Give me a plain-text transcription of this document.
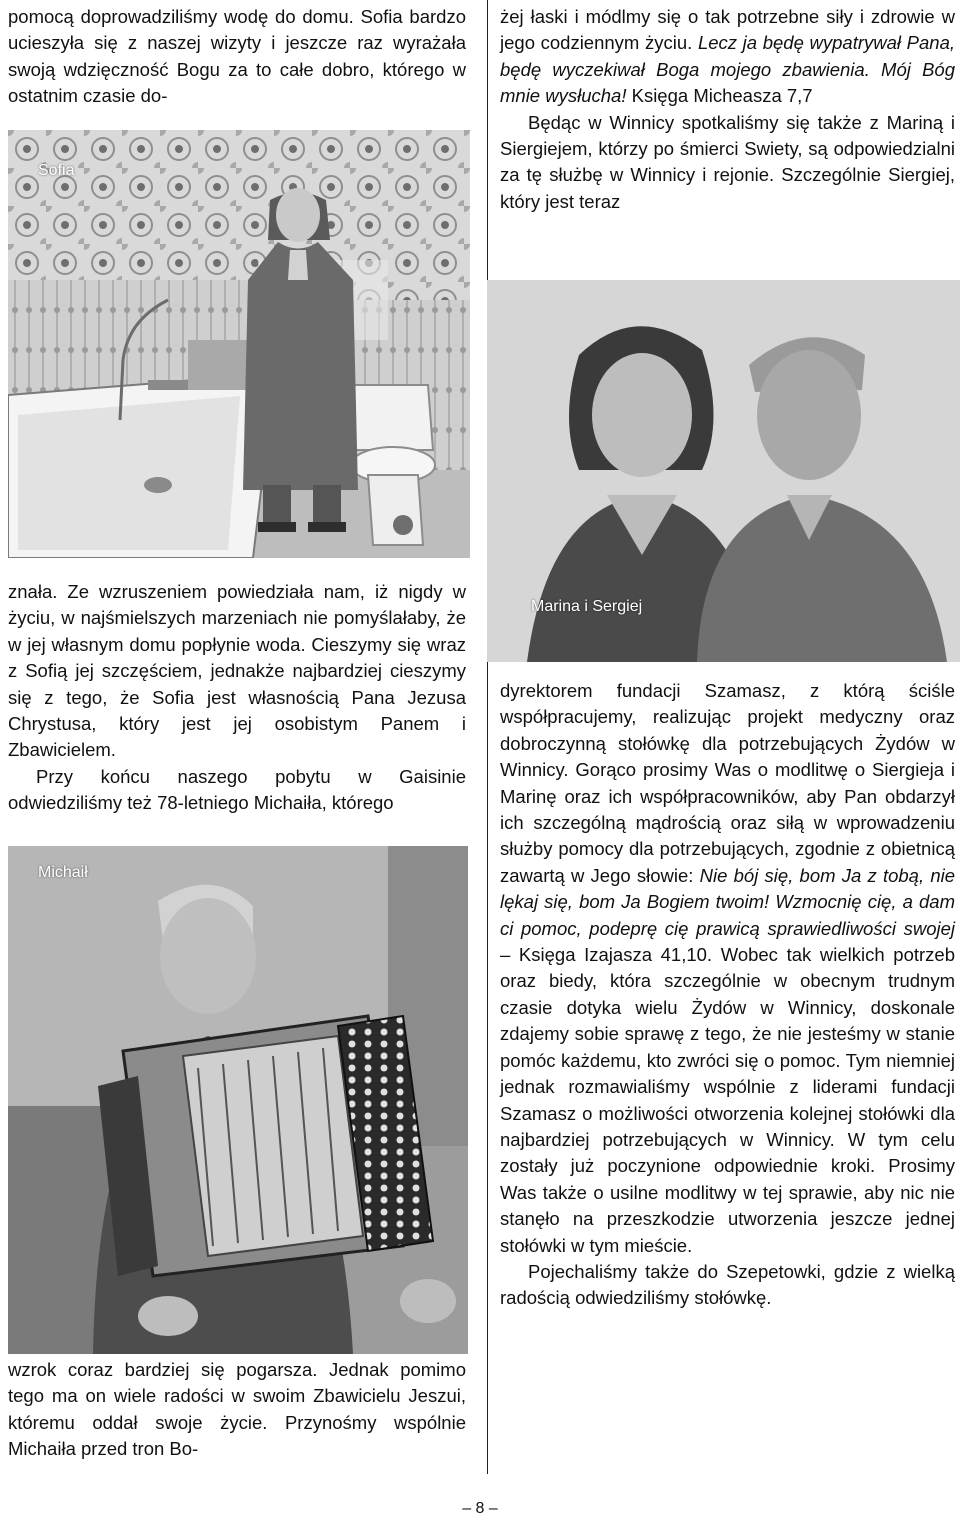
pomocą doprowadziliśmy wodę do domu. Sofia bardzo ucieszyła się z naszej wizyty i jeszcze raz wyrażała swoją wdzięczność Bogu za to całe dobro, którego w ostatnim czasie do-

Sofia

żej łaski i módlmy się o tak potrzebne siły i zdrowie w jego codziennym życiu. Lecz ja będę wypatrywał Pana, będę wyczekiwał Boga mojego zbawienia. Mój Bóg mnie wysłucha! Księga Micheasza 7,7

Będąc w Winnicy spotkaliśmy się także z Mariną i Siergiejem, którzy po śmierci Swiety, są odpowiedzialni za tę służbę w Winnicy i rejonie. Szczególnie Siergiej, który jest teraz

Marina i Sergiej

znała. Ze wzruszeniem powiedziała nam, iż nigdy w życiu, w najśmielszych marzeniach nie pomyślałaby, że w jej własnym domu popłynie woda. Cieszymy się wraz z Sofią jej szczęściem, jednakże najbardziej cieszymy się z tego, że Sofia jest własnością Pana Jezusa Chrystusa, który jest jej osobistym Panem i Zbawicielem.

Przy końcu naszego pobytu w Gaisinie odwiedziliśmy też 78-letniego Michaiła, którego

Michaił

wzrok coraz bardziej się pogarsza. Jednak pomimo tego ma on wiele radości w swoim Zbawicielu Jeszui, któremu oddał swoje życie. Przynośmy wspólnie Michaiła przed tron Bo-

dyrektorem fundacji Szamasz, z którą ściśle współpracujemy, realizując projekt medyczny oraz dobroczynną stołówkę dla potrzebujących Żydów w Winnicy. Gorąco prosimy Was o modlitwę o Siergieja i Marinę oraz ich współpracowników, aby Pan obdarzył ich szczególną mądrością oraz siłą w wprowadzeniu służby pomocy dla potrzebujących, zgodnie z obietnicą zawartą w Jego słowie: Nie bój się, bom Ja z tobą, nie lękaj się, bom Ja Bogiem twoim! Wzmocnię cię, a dam ci pomoc, podeprę cię prawicą sprawiedliwości swojej – Księga Izajasza 41,10. Wobec tak wielkich potrzeb oraz biedy, która szczególnie w obecnym trudnym czasie dotyka wielu Żydów w Winnicy, doskonale zdajemy sobie sprawę z tego, że nie jesteśmy w stanie pomóc każdemu, kto zwróci się o pomoc. Tym niemniej jednak rozmawialiśmy wspólnie z liderami fundacji Szamasz o możliwości otworzenia kolejnej stołówki dla najbardziej potrzebujących w Winnicy. W tym celu zostały już poczynione odpowiednie kroki. Prosimy Was także o usilne modlitwy w tej sprawie, aby nic nie stanęło na przeszkodzie utworzenia jeszcze jednej stołówki w tym mieście.

Pojechaliśmy także do Szepetowki, gdzie z wielką radością odwiedziliśmy stołówkę.

– 8 –
